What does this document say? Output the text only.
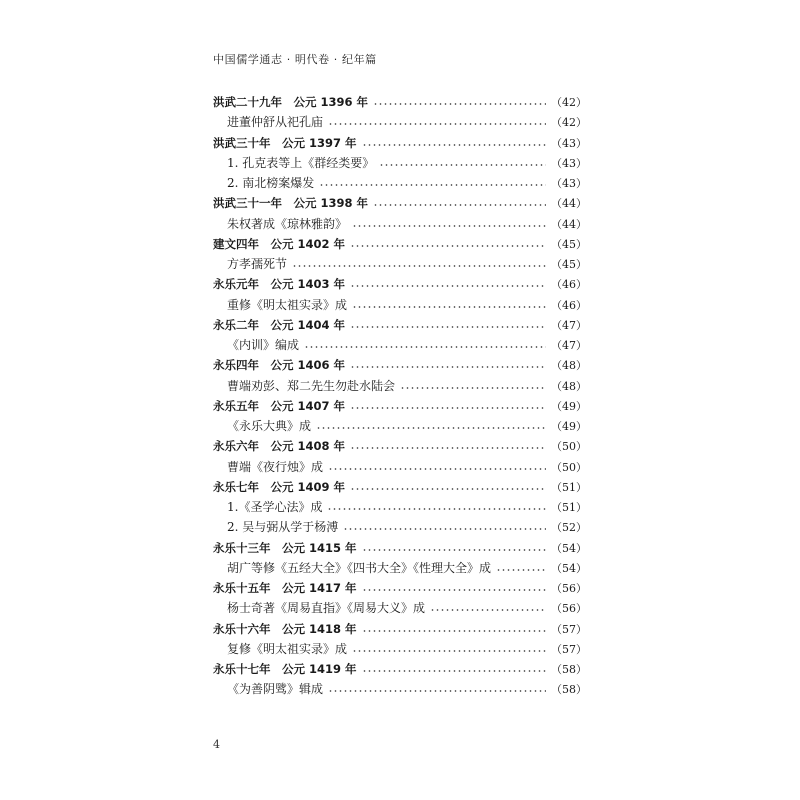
中国儒学通志 · 明代卷 · 纪年篇
洪武二十九年　公元 1396 年	（42）
进董仲舒从祀孔庙	（42）
洪武三十年　公元 1397 年	（43）
1. 孔克表等上《群经类要》	（43）
2. 南北榜案爆发	（43）
洪武三十一年　公元 1398 年	（44）
朱权著成《琼林雅韵》	（44）
建文四年　公元 1402 年	（45）
方孝孺死节	（45）
永乐元年　公元 1403 年	（46）
重修《明太祖实录》成	（46）
永乐二年　公元 1404 年	（47）
《内训》编成	（47）
永乐四年　公元 1406 年	（48）
曹端劝彭、郑二先生勿赴水陆会	（48）
永乐五年　公元 1407 年	（49）
《永乐大典》成	（49）
永乐六年　公元 1408 年	（50）
曹端《夜行烛》成	（50）
永乐七年　公元 1409 年	（51）
1.《圣学心法》成	（51）
2. 吴与弼从学于杨溥	（52）
永乐十三年　公元 1415 年	（54）
胡广等修《五经大全》《四书大全》《性理大全》成	（54）
永乐十五年　公元 1417 年	（56）
杨士奇著《周易直指》《周易大义》成	（56）
永乐十六年　公元 1418 年	（57）
复修《明太祖实录》成	（57）
永乐十七年　公元 1419 年	（58）
《为善阴骘》辑成	（58）
4
